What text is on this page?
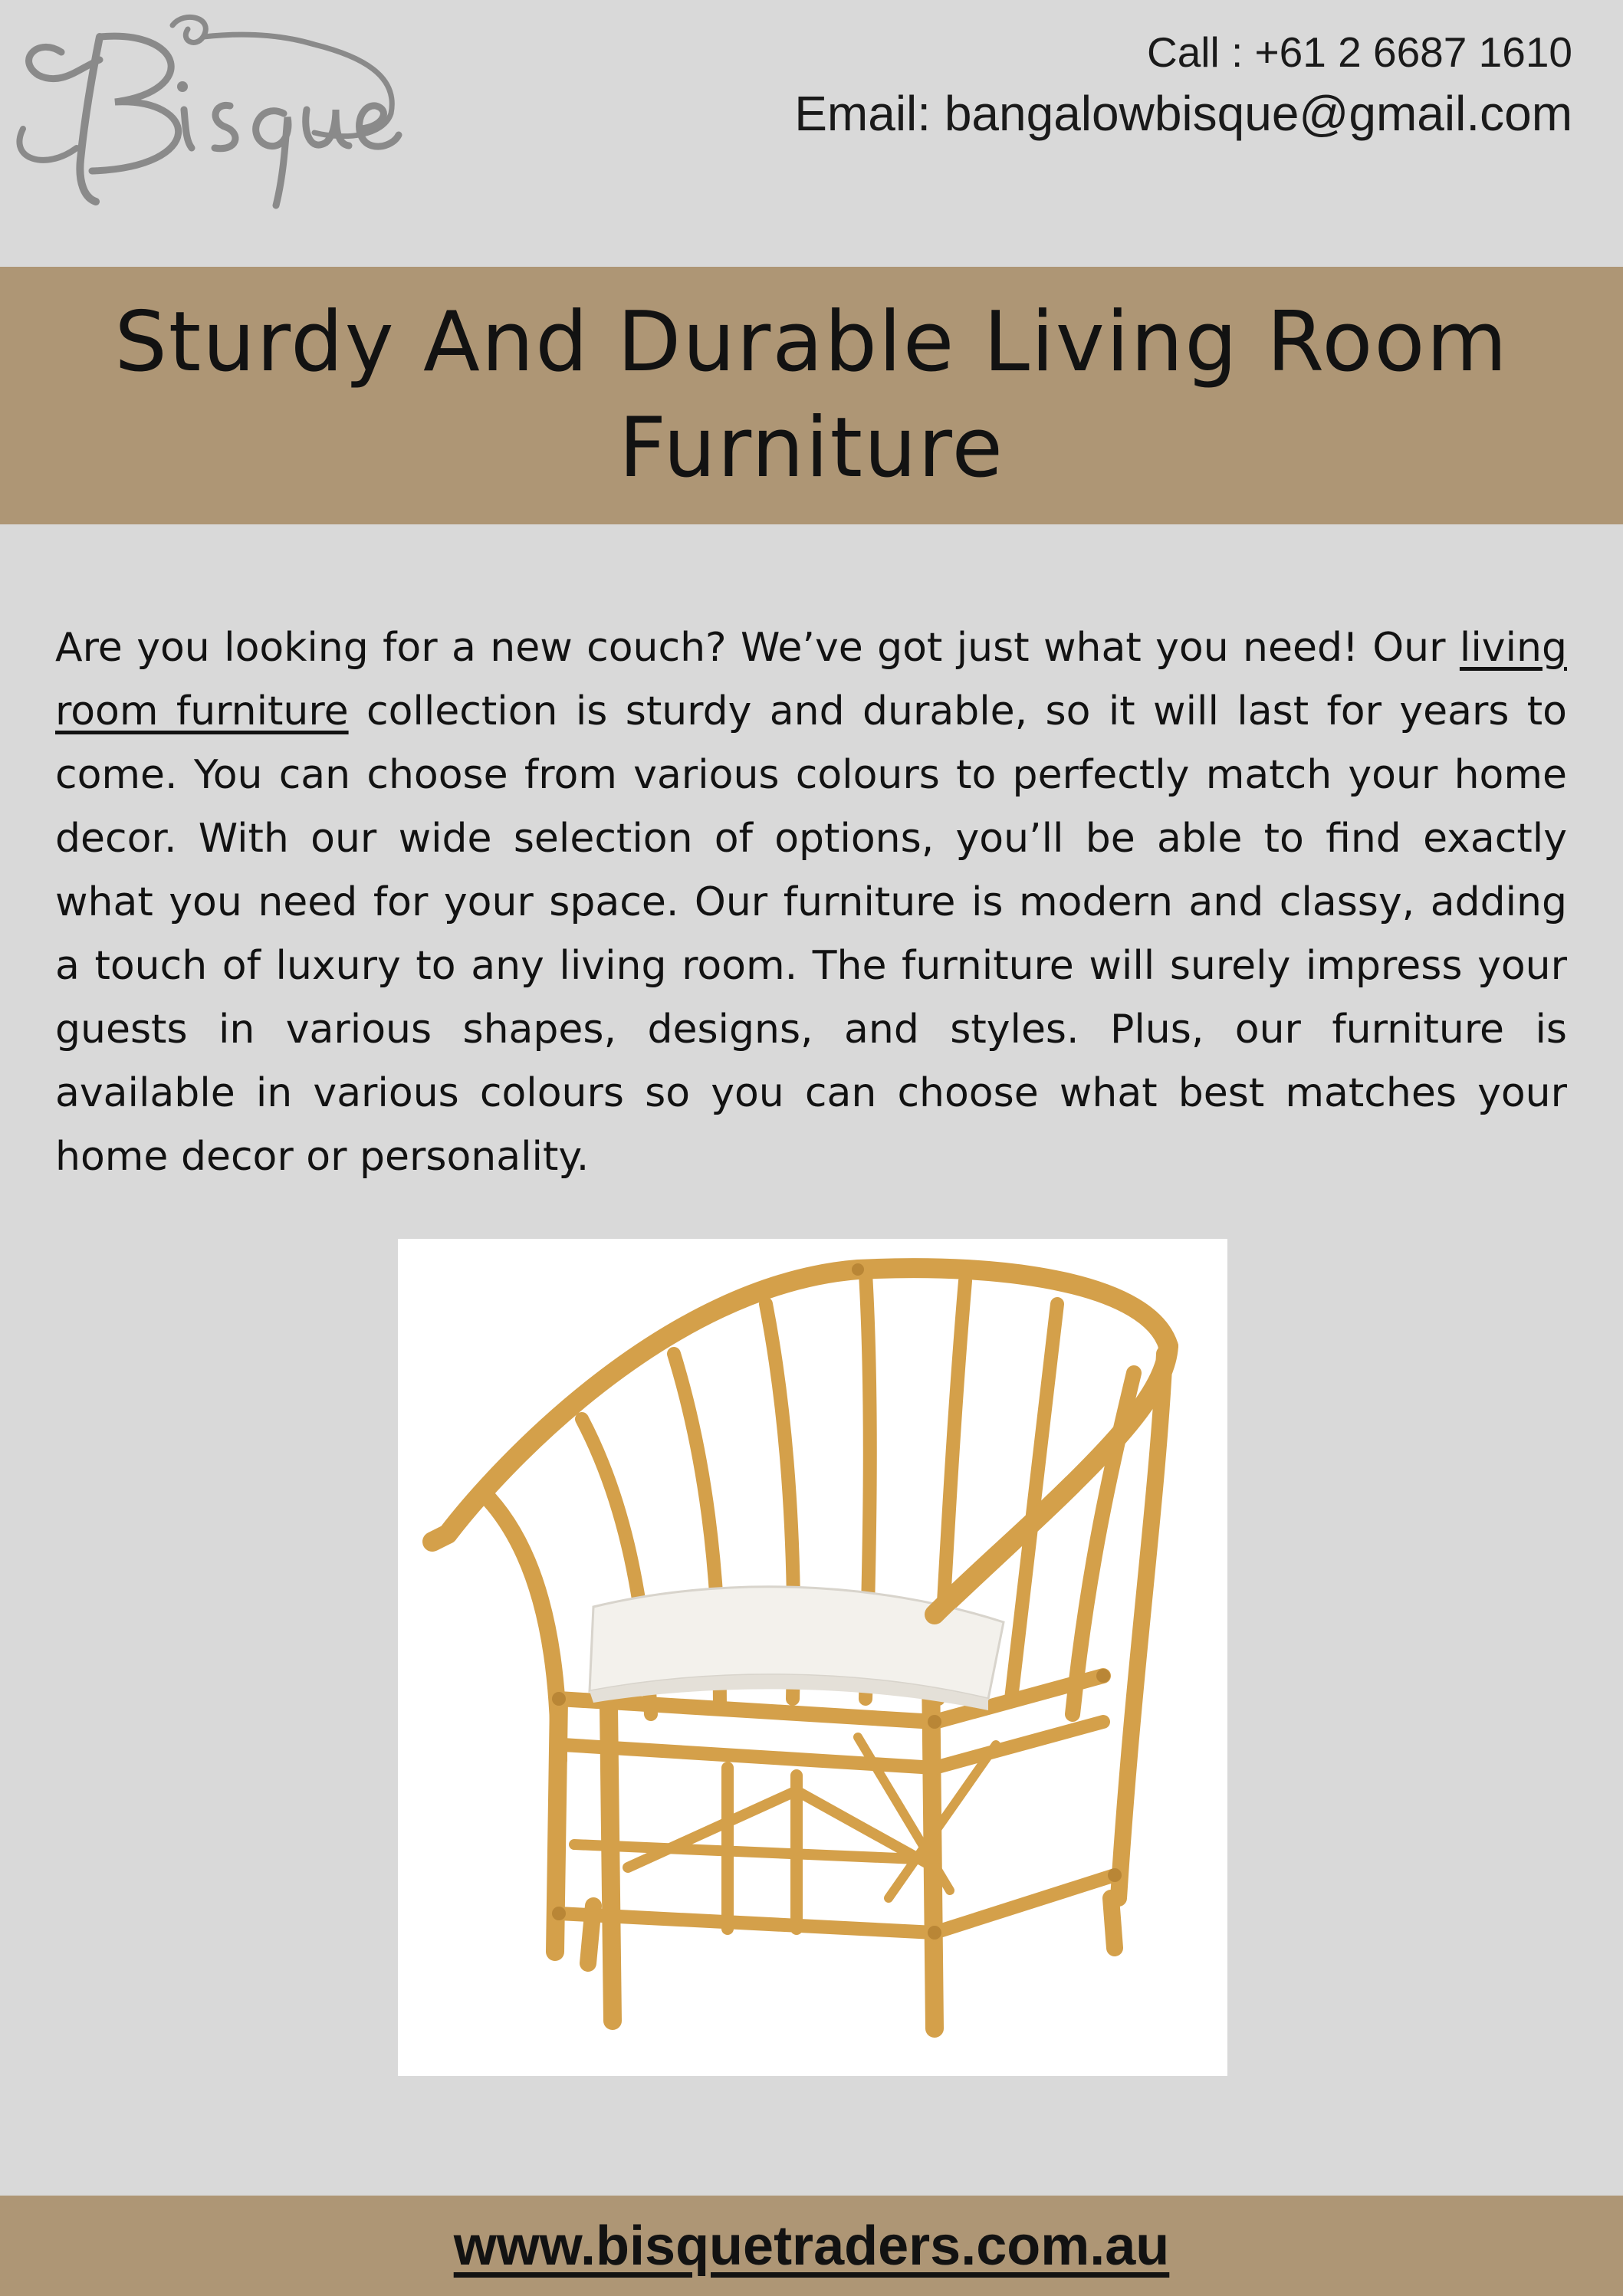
Call : +61 2 6687 1610
Email: bangalowbisque@gmail.com
Sturdy And Durable Living Room
Furniture

Are you looking for a new couch? We’ve got just what you need! Our living room furniture collection is sturdy and durable, so it will last for years to come. You can choose from various colours to perfectly match your home decor. With our wide selection of options, you’ll be able to find exactly what you need for your space. Our furniture is modern and classy, adding a touch of luxury to any living room. The furniture will surely impress your guests in various shapes, designs, and styles. Plus, our furniture is available in various colours so you can choose what best matches your home decor or personality.

www.bisquetraders.com.au
